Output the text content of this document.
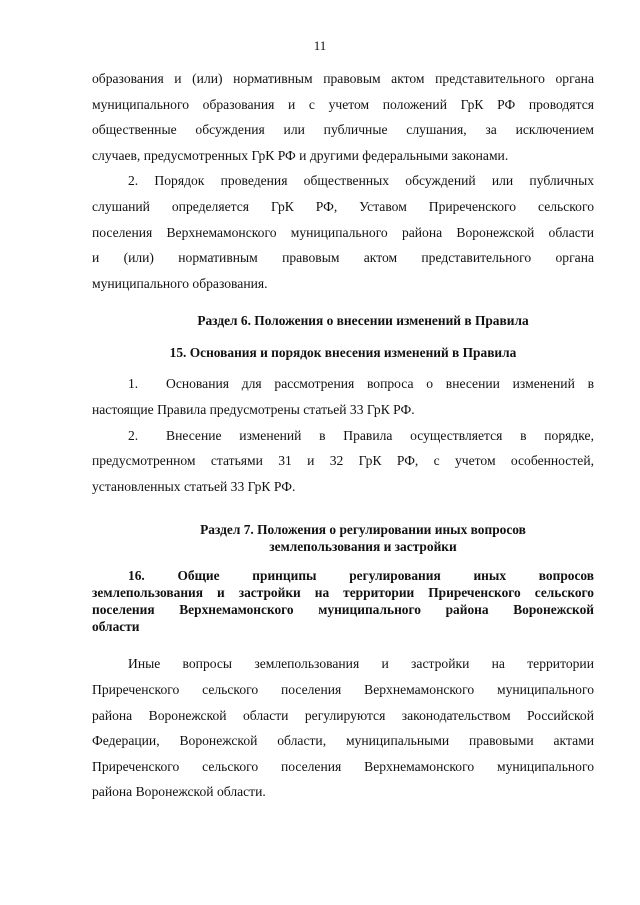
11

образования и (или) нормативным правовым актом представительного органа

муниципального образования и с учетом положений ГрК РФ проводятся

общественные обсуждения или публичные слушания, за исключением

случаев, предусмотренных ГрК РФ и другими федеральными законами.

2. Порядок проведения общественных обсуждений или публичных

слушаний определяется ГрК РФ, Уставом Приреченского сельского

поселения Верхнемамонского муниципального района Воронежской области

и (или) нормативным правовым актом представительного органа

муниципального образования.

Раздел 6. Положения о внесении изменений в Правила
15. Основания и порядок внесения изменений в Правила

1. Основания для рассмотрения вопроса о внесении изменений в

настоящие Правила предусмотрены статьей 33 ГрК РФ.

2. Внесение изменений в Правила осуществляется в порядке,

предусмотренном статьями 31 и 32 ГрК РФ, с учетом особенностей,

установленных статьей 33 ГрК РФ.

Раздел 7. Положения о регулировании иных вопросов
землепользования и застройки
16. Общие принципы регулирования иных вопросов
землепользования и застройки на территории Приреченского сельского
поселения Верхнемамонского муниципального района Воронежской
области

Иные вопросы землепользования и застройки на территории

Приреченского сельского поселения Верхнемамонского муниципального

района Воронежской области регулируются законодательством Российской

Федерации, Воронежской области, муниципальными правовыми актами

Приреченского сельского поселения Верхнемамонского муниципального

района Воронежской области.
